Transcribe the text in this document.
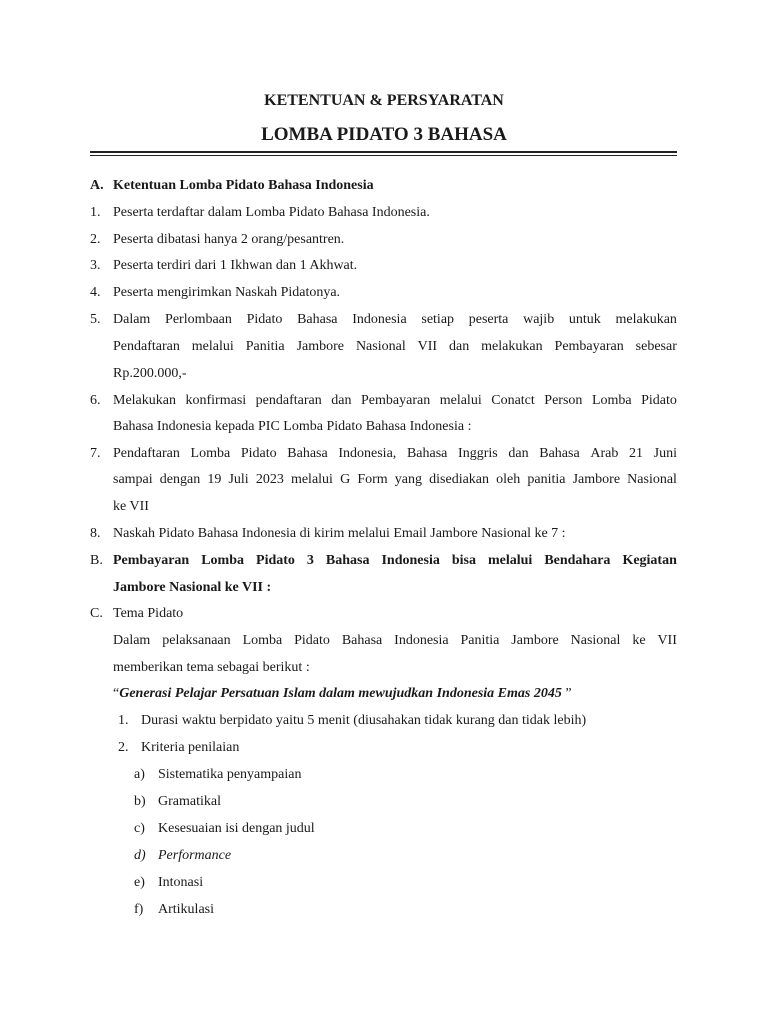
KETENTUAN & PERSYARATAN
LOMBA PIDATO 3 BAHASA
A. Ketentuan Lomba Pidato Bahasa Indonesia
1. Peserta terdaftar dalam Lomba Pidato Bahasa Indonesia.
2. Peserta dibatasi hanya 2 orang/pesantren.
3. Peserta terdiri dari 1 Ikhwan dan 1 Akhwat.
4. Peserta mengirimkan Naskah Pidatonya.
5. Dalam Perlombaan Pidato Bahasa Indonesia setiap peserta wajib untuk melakukan
Pendaftaran melalui Panitia Jambore Nasional VII dan melakukan Pembayaran sebesar
Rp.200.000,-
6. Melakukan konfirmasi pendaftaran dan Pembayaran melalui Conatct Person Lomba Pidato
Bahasa Indonesia kepada PIC Lomba Pidato Bahasa Indonesia :
7. Pendaftaran Lomba Pidato Bahasa Indonesia, Bahasa Inggris dan Bahasa Arab 21 Juni
sampai dengan 19 Juli 2023 melalui G Form yang disediakan oleh panitia Jambore Nasional
ke VII
8. Naskah Pidato Bahasa Indonesia di kirim melalui Email Jambore Nasional ke 7 :
B. Pembayaran Lomba Pidato 3 Bahasa Indonesia bisa melalui Bendahara Kegiatan
Jambore Nasional ke VII :
C. Tema Pidato
Dalam pelaksanaan Lomba Pidato Bahasa Indonesia Panitia Jambore Nasional ke VII
memberikan tema sebagai berikut :
“Generasi Pelajar Persatuan Islam dalam mewujudkan Indonesia Emas 2045 ”
1. Durasi waktu berpidato yaitu 5 menit (diusahakan tidak kurang dan tidak lebih)
2. Kriteria penilaian
a) Sistematika penyampaian
b) Gramatikal
c) Kesesuaian isi dengan judul
d) Performance
e) Intonasi
f) Artikulasi
